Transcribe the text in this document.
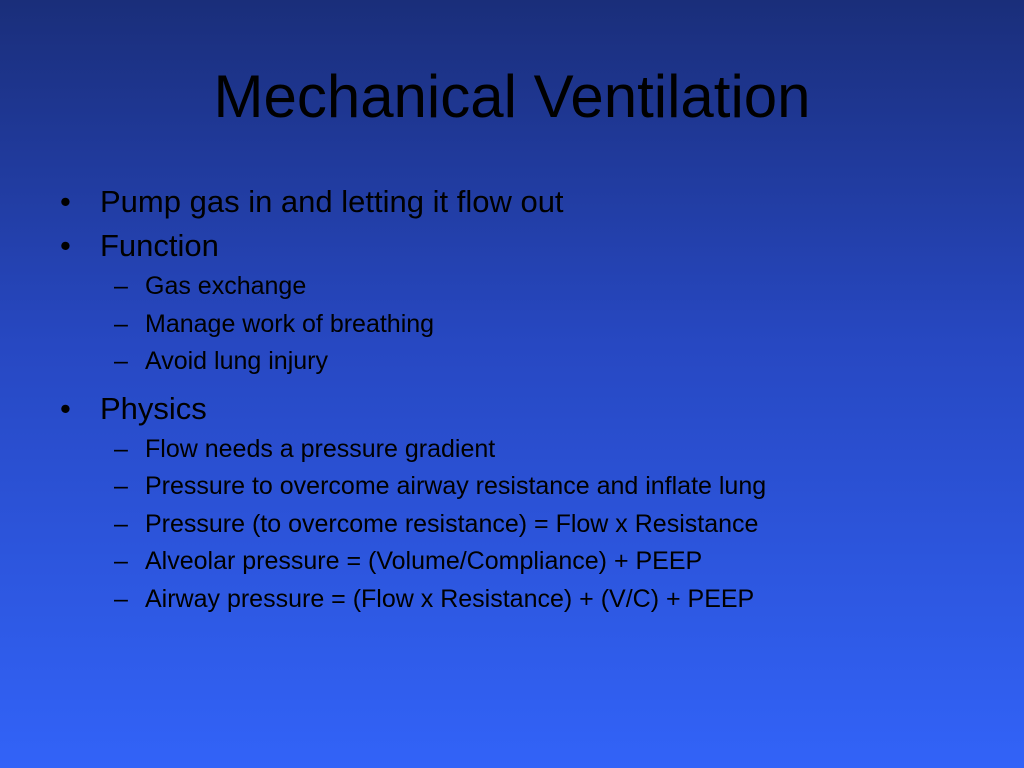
Mechanical Ventilation
• Pump gas in and letting it flow out
• Function
– Gas exchange
– Manage work of breathing
– Avoid lung injury
• Physics
– Flow needs a pressure gradient
– Pressure to overcome airway resistance and inflate lung
– Pressure (to overcome resistance) = Flow x Resistance
– Alveolar pressure = (Volume/Compliance) + PEEP
– Airway pressure = (Flow x Resistance) + (V/C) + PEEP
